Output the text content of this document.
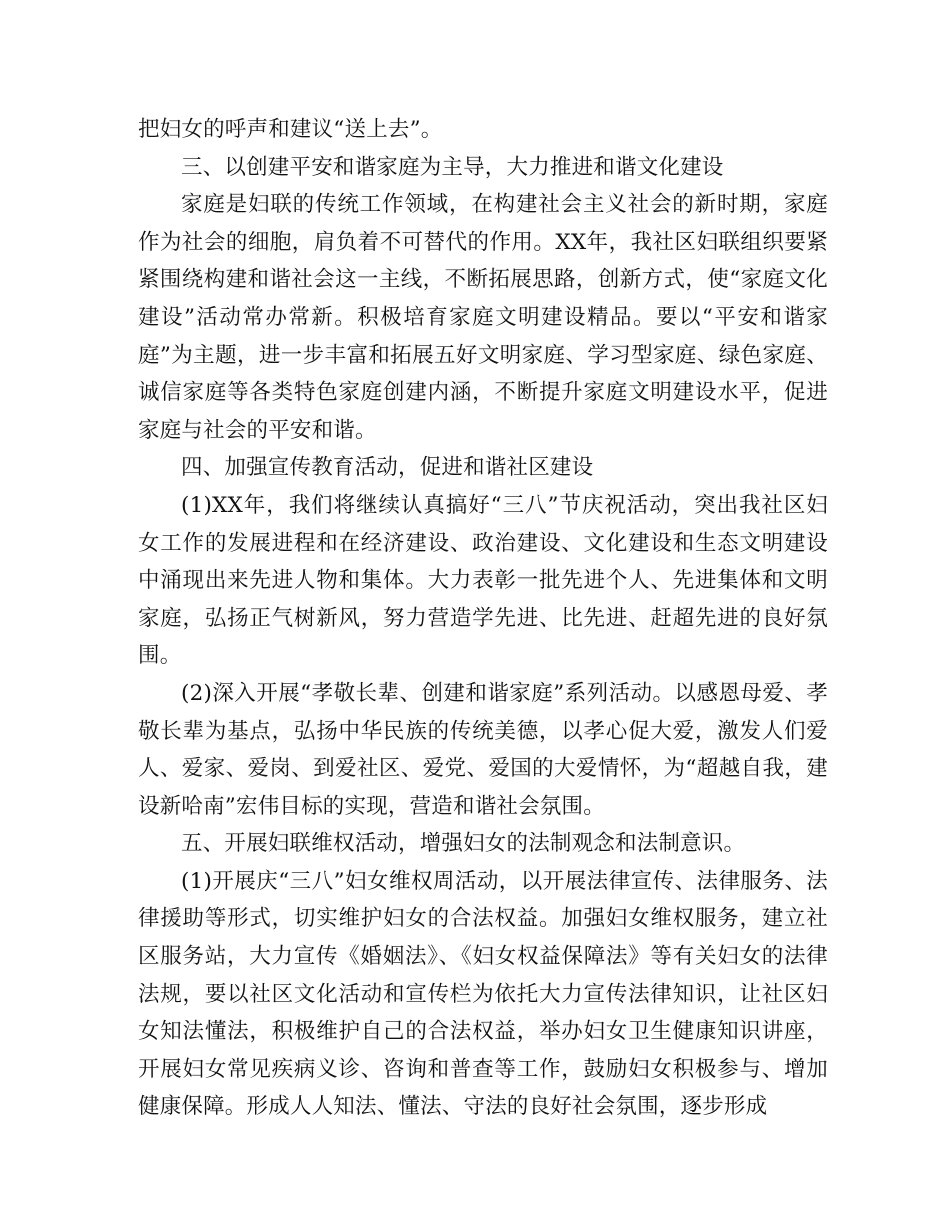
把妇女的呼声和建议“送上去”。

三、以创建平安和谐家庭为主导，大力推进和谐文化建设

家庭是妇联的传统工作领域，在构建社会主义社会的新时期，家庭作为社会的细胞，肩负着不可替代的作用。XX年，我社区妇联组织要紧紧围绕构建和谐社会这一主线，不断拓展思路，创新方式，使“家庭文化建设”活动常办常新。积极培育家庭文明建设精品。要以“平安和谐家庭”为主题，进一步丰富和拓展五好文明家庭、学习型家庭、绿色家庭、诚信家庭等各类特色家庭创建内涵，不断提升家庭文明建设水平，促进家庭与社会的平安和谐。

四、加强宣传教育活动，促进和谐社区建设

(1)XX年，我们将继续认真搞好“三八”节庆祝活动，突出我社区妇女工作的发展进程和在经济建设、政治建设、文化建设和生态文明建设中涌现出来先进人物和集体。大力表彰一批先进个人、先进集体和文明家庭，弘扬正气树新风，努力营造学先进、比先进、赶超先进的良好氛围。

(2)深入开展“孝敬长辈、创建和谐家庭”系列活动。以感恩母爱、孝敬长辈为基点，弘扬中华民族的传统美德，以孝心促大爱，激发人们爱人、爱家、爱岗、到爱社区、爱党、爱国的大爱情怀，为“超越自我，建设新哈南”宏伟目标的实现，营造和谐社会氛围。

五、开展妇联维权活动，增强妇女的法制观念和法制意识。

(1)开展庆“三八”妇女维权周活动，以开展法律宣传、法律服务、法律援助等形式，切实维护妇女的合法权益。加强妇女维权服务，建立社区服务站，大力宣传《婚姻法》、《妇女权益保障法》等有关妇女的法律法规，要以社区文化活动和宣传栏为依托大力宣传法律知识，让社区妇女知法懂法，积极维护自己的合法权益，举办妇女卫生健康知识讲座，开展妇女常见疾病义诊、咨询和普查等工作，鼓励妇女积极参与、增加健康保障。形成人人知法、懂法、守法的良好社会氛围，逐步形成
